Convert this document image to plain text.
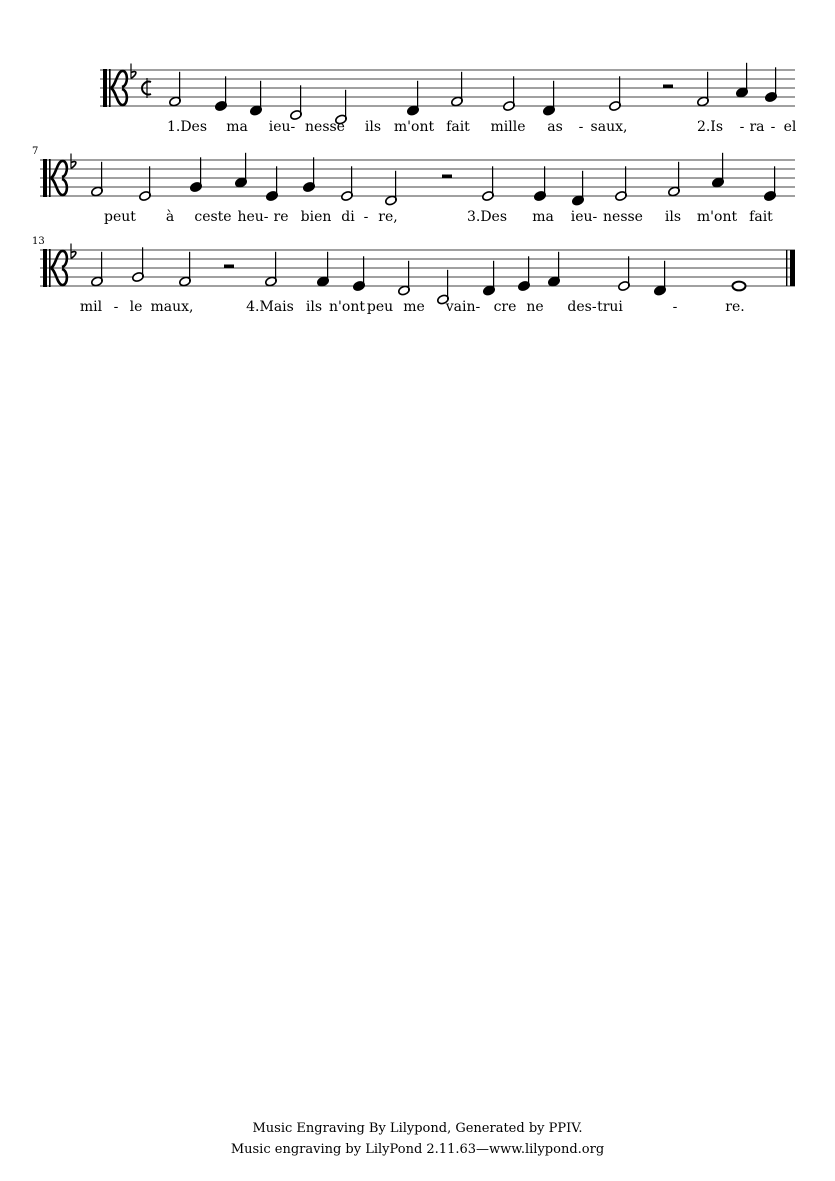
1.Des ma ieu- nesse ils m'ont fait mille as - saux,	2.Is - ra - el
7
peut à ceste heu- re bien di - re,	3.Des ma ieu- nesse ils m'ont fait
13
mil - le maux,	4.Mais ils n'ont peu me vain- cre ne des- trui	-	re.
Music Engraving By Lilypond, Generated by PPIV.
Music engraving by LilyPond 2.11.63—www.lilypond.org
